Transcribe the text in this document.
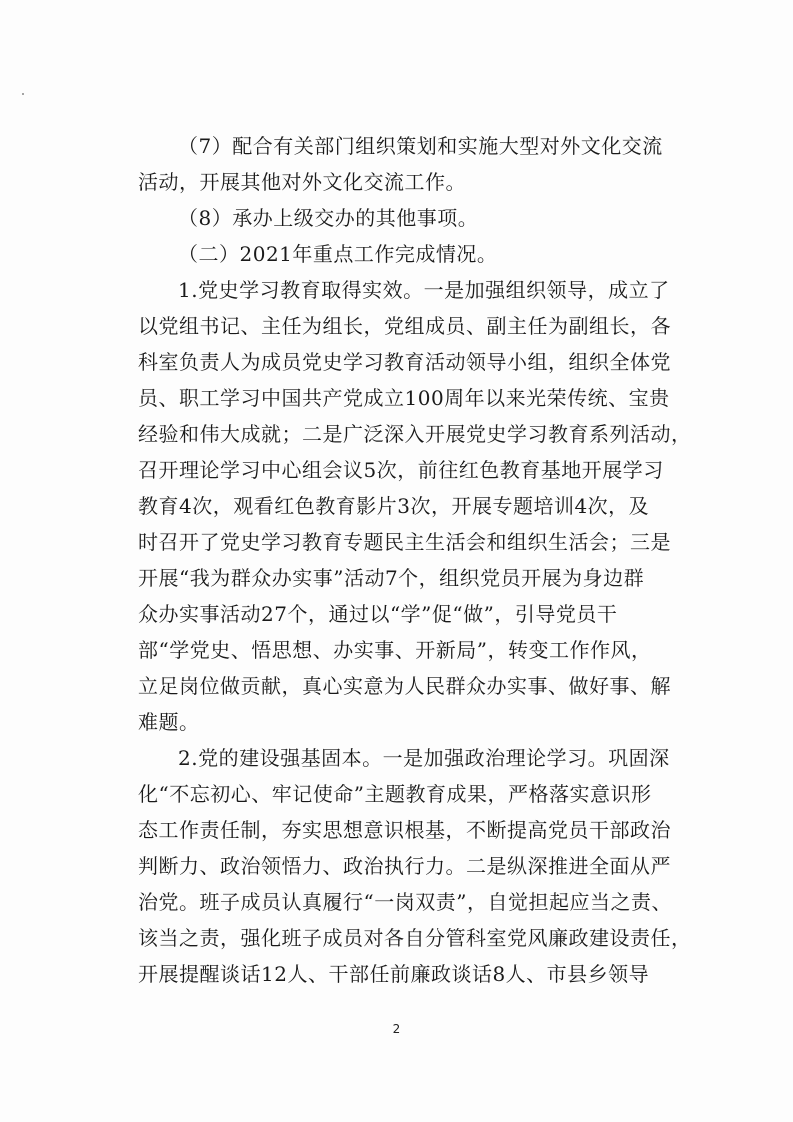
（7）配合有关部门组织策划和实施大型对外文化交流
活动，开展其他对外文化交流工作。
（8）承办上级交办的其他事项。
（二）2021年重点工作完成情况。
1.党史学习教育取得实效。一是加强组织领导，成立了
以党组书记、主任为组长，党组成员、副主任为副组长，各
科室负责人为成员党史学习教育活动领导小组，组织全体党
员、职工学习中国共产党成立100周年以来光荣传统、宝贵
经验和伟大成就；二是广泛深入开展党史学习教育系列活动，
召开理论学习中心组会议5次，前往红色教育基地开展学习
教育4次，观看红色教育影片3次，开展专题培训4次，及
时召开了党史学习教育专题民主生活会和组织生活会；三是
开展“我为群众办实事”活动7个，组织党员开展为身边群
众办实事活动27个，通过以“学”促“做”，引导党员干
部“学党史、悟思想、办实事、开新局”，转变工作作风，
立足岗位做贡献，真心实意为人民群众办实事、做好事、解
难题。
2.党的建设强基固本。一是加强政治理论学习。巩固深
化“不忘初心、牢记使命”主题教育成果，严格落实意识形
态工作责任制，夯实思想意识根基，不断提高党员干部政治
判断力、政治领悟力、政治执行力。二是纵深推进全面从严
治党。班子成员认真履行“一岗双责”，自觉担起应当之责、
该当之责，强化班子成员对各自分管科室党风廉政建设责任，
开展提醒谈话12人、干部任前廉政谈话8人、市县乡领导
2
